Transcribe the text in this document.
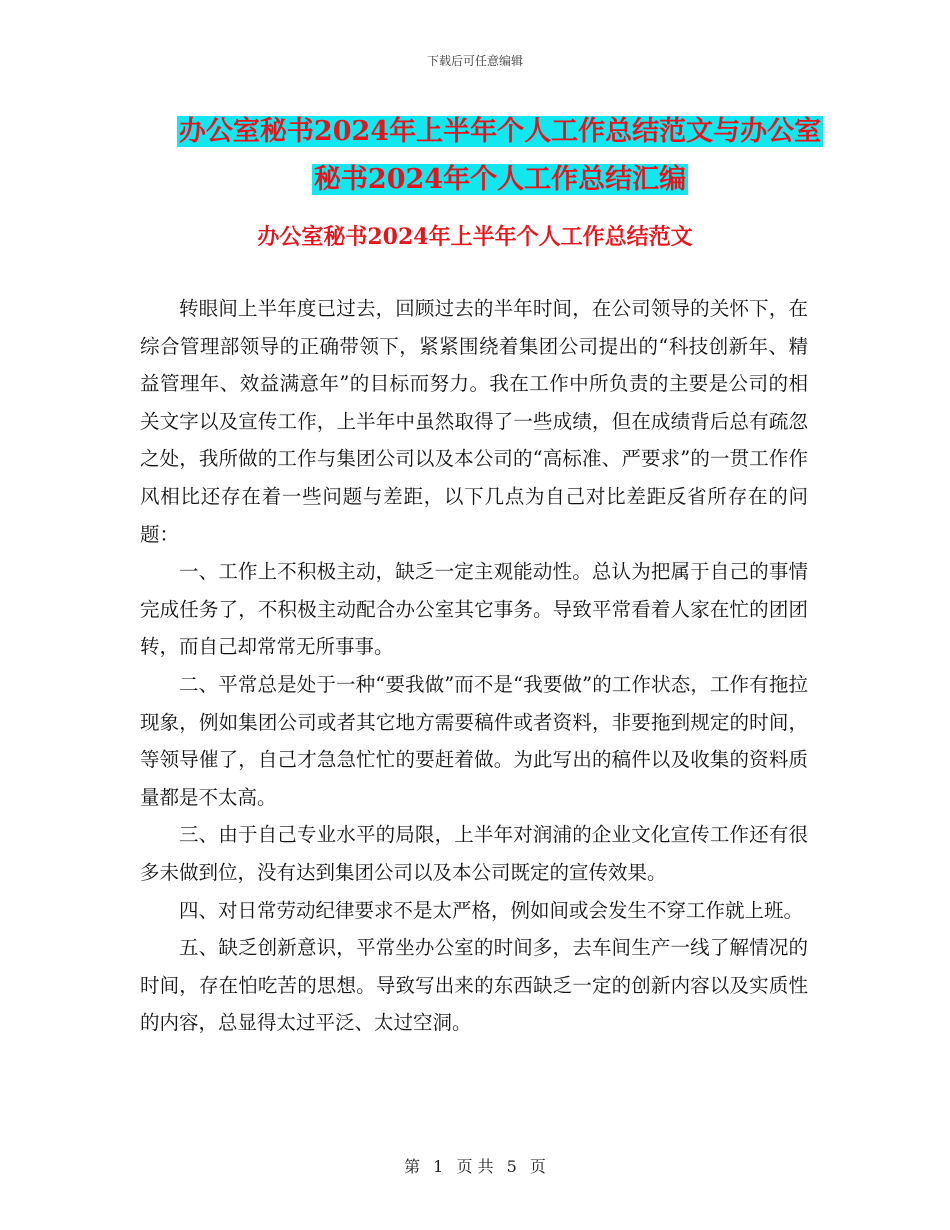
下载后可任意编辑
办公室秘书2024年上半年个人工作总结范文与办公室
秘书2024年个人工作总结汇编
办公室秘书2024年上半年个人工作总结范文

转眼间上半年度已过去，回顾过去的半年时间，在公司领导的关怀下，在综合管理部领导的正确带领下，紧紧围绕着集团公司提出的“科技创新年、精益管理年、效益满意年”的目标而努力。我在工作中所负责的主要是公司的相关文字以及宣传工作，上半年中虽然取得了一些成绩，但在成绩背后总有疏忽之处，我所做的工作与集团公司以及本公司的“高标准、严要求”的一贯工作作风相比还存在着一些问题与差距，以下几点为自己对比差距反省所存在的问题：

一、工作上不积极主动，缺乏一定主观能动性。总认为把属于自己的事情完成任务了，不积极主动配合办公室其它事务。导致平常看着人家在忙的团团转，而自己却常常无所事事。

二、平常总是处于一种“要我做”而不是“我要做”的工作状态，工作有拖拉现象，例如集团公司或者其它地方需要稿件或者资料，非要拖到规定的时间，等领导催了，自己才急急忙忙的要赶着做。为此写出的稿件以及收集的资料质量都是不太高。

三、由于自己专业水平的局限，上半年对润浦的企业文化宣传工作还有很多未做到位，没有达到集团公司以及本公司既定的宣传效果。

四、对日常劳动纪律要求不是太严格，例如间或会发生不穿工作就上班。

五、缺乏创新意识，平常坐办公室的时间多，去车间生产一线了解情况的时间，存在怕吃苦的思想。导致写出来的东西缺乏一定的创新内容以及实质性的内容，总显得太过平泛、太过空洞。

第 1 页 共 5 页
